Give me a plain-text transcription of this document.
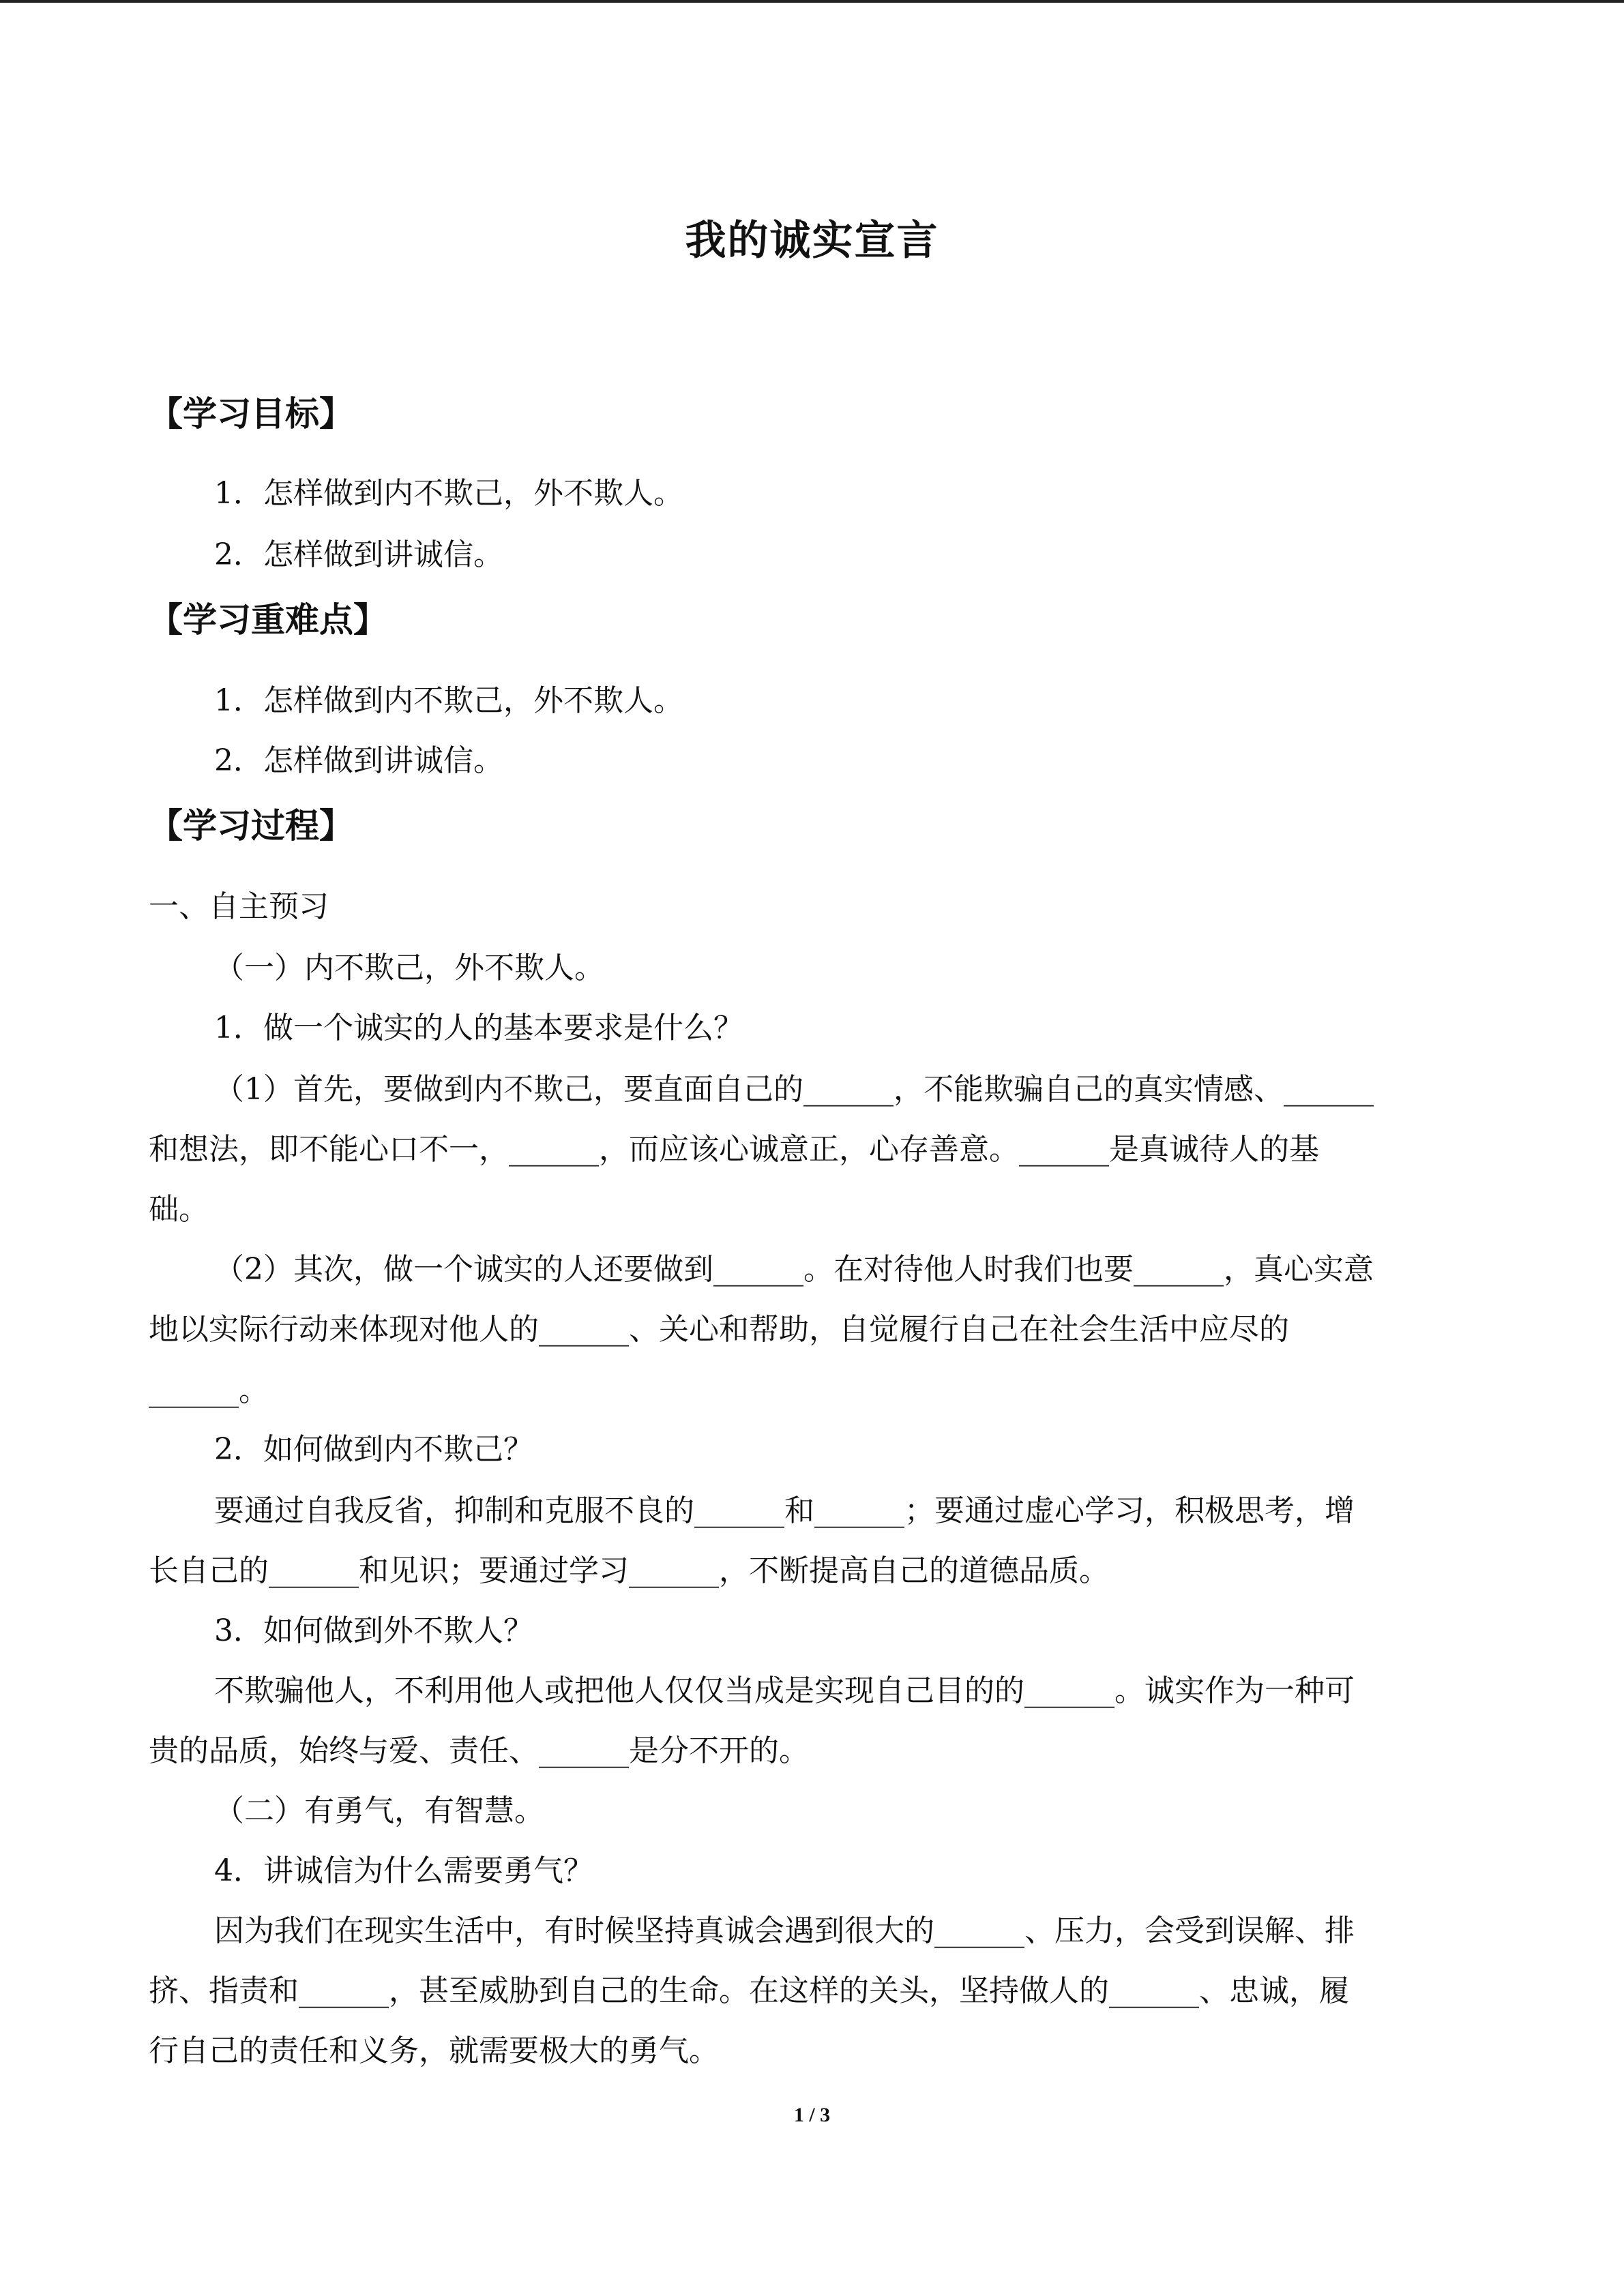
我的诚实宣言
【学习目标】
1．怎样做到内不欺己，外不欺人。
2．怎样做到讲诚信。
【学习重难点】
1．怎样做到内不欺己，外不欺人。
2．怎样做到讲诚信。
【学习过程】
一、自主预习
（一）内不欺己，外不欺人。
1．做一个诚实的人的基本要求是什么？
（1）首先，要做到内不欺己，要直面自己的______，不能欺骗自己的真实情感、______
和想法，即不能心口不一，______，而应该心诚意正，心存善意。______是真诚待人的基
础。
（2）其次，做一个诚实的人还要做到______。在对待他人时我们也要______，真心实意
地以实际行动来体现对他人的______、关心和帮助，自觉履行自己在社会生活中应尽的
______。
2．如何做到内不欺己？
要通过自我反省，抑制和克服不良的______和______；要通过虚心学习，积极思考，增
长自己的______和见识；要通过学习______，不断提高自己的道德品质。
3．如何做到外不欺人？
不欺骗他人，不利用他人或把他人仅仅当成是实现自己目的的______。诚实作为一种可
贵的品质，始终与爱、责任、______是分不开的。
（二）有勇气，有智慧。
4．讲诚信为什么需要勇气？
因为我们在现实生活中，有时候坚持真诚会遇到很大的______、压力，会受到误解、排
挤、指责和______，甚至威胁到自己的生命。在这样的关头，坚持做人的______、忠诚，履
行自己的责任和义务，就需要极大的勇气。
1 / 3
